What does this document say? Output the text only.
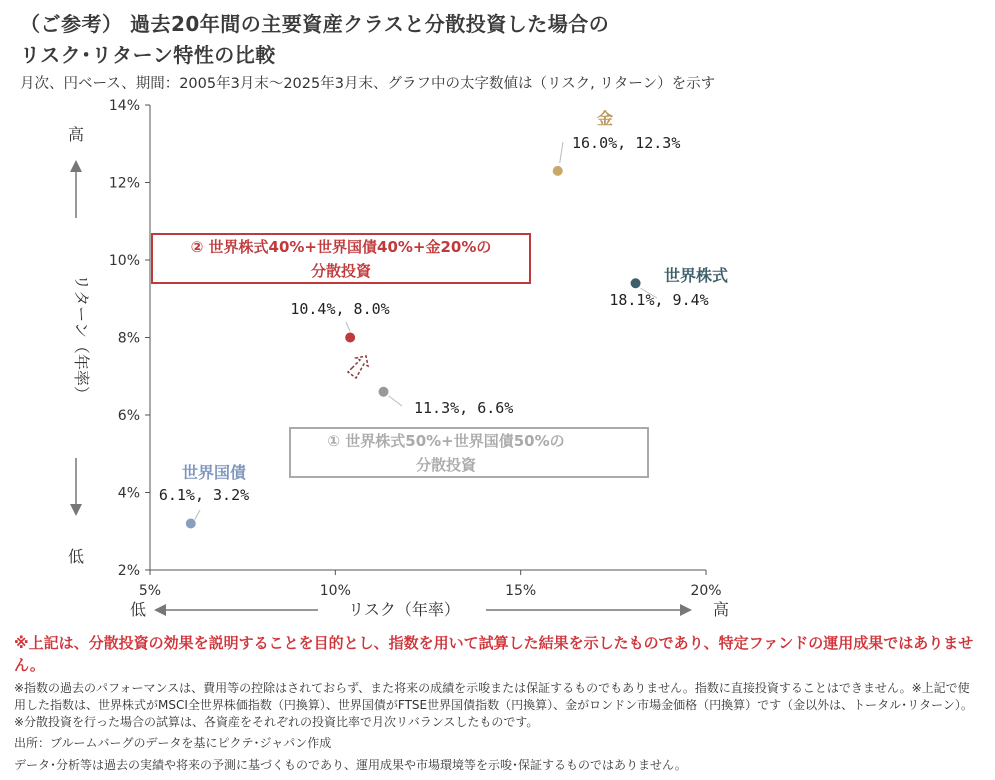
（ご参考） 過去20年間の主要資産クラスと分散投資した場合の
リスク･リターン特性の比較
月次、円ベース、期間：2005年3月末～2025年3月末、グラフ中の太字数値は（リスク, リターン）を示す
2%
4%
6%
8%
10%
12%
14%
5%	10%	15%	20%
高
リターン（年率）
低
低	リスク（年率）	高
② 世界株式40%+世界国債40%+金20%の
分散投資
① 世界株式50%+世界国債50%の
分散投資
16.0%, 12.3%
金
18.1%, 9.4%
世界株式
10.4%, 8.0%
11.3%, 6.6%
6.1%, 3.2%
世界国債
※上記は、分散投資の効果を説明することを目的とし、指数を用いて試算した結果を示したものであり、特定ファンドの運用成果ではありません。
※指数の過去のパフォーマンスは、費用等の控除はされておらず、また将来の成績を示唆または保証するものでもありません。指数に直接投資することはできません。※上記で使用した指数は、世界株式がMSCI全世界株価指数（円換算）、世界国債がFTSE世界国債指数（円換算）、金がロンドン市場金価格（円換算）です（金以外は、トータル･リターン）。※分散投資を行った場合の試算は、各資産をそれぞれの投資比率で月次リバランスしたものです。
出所：ブルームバーグのデータを基にピクテ･ジャパン作成
データ･分析等は過去の実績や将来の予測に基づくものであり、運用成果や市場環境等を示唆･保証するものではありません。
